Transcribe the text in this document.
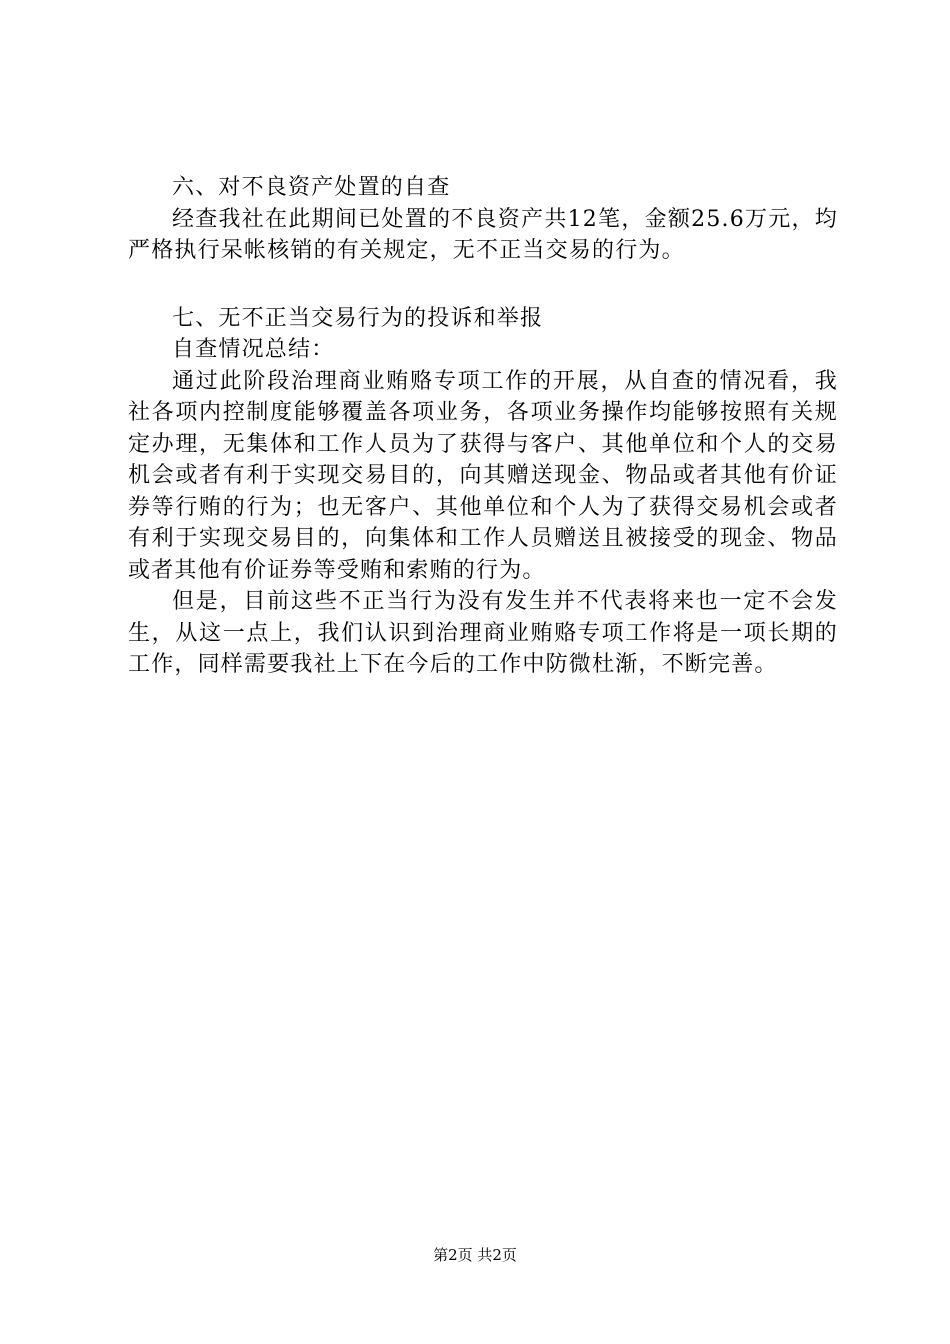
六、对不良资产处置的自查

经查我社在此期间已处置的不良资产共12笔，金额25.6万元，均严格执行呆帐核销的有关规定，无不正当交易的行为。

七、无不正当交易行为的投诉和举报

自查情况总结：

通过此阶段治理商业贿赂专项工作的开展，从自查的情况看，我社各项内控制度能够覆盖各项业务，各项业务操作均能够按照有关规定办理，无集体和工作人员为了获得与客户、其他单位和个人的交易机会或者有利于实现交易目的，向其赠送现金、物品或者其他有价证券等行贿的行为；也无客户、其他单位和个人为了获得交易机会或者有利于实现交易目的，向集体和工作人员赠送且被接受的现金、物品或者其他有价证券等受贿和索贿的行为。

但是，目前这些不正当行为没有发生并不代表将来也一定不会发生，从这一点上，我们认识到治理商业贿赂专项工作将是一项长期的工作，同样需要我社上下在今后的工作中防微杜渐，不断完善。

第2页 共2页
